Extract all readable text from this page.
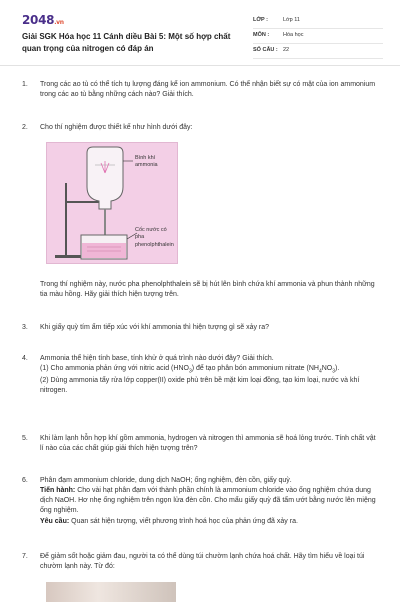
2048.vn
Giải SGK Hóa học 11 Cánh diều Bài 5: Một số hợp chất quan trọng của nitrogen có đáp án
LỚP :	Lớp 11
MÔN :	Hóa học
SỐ CÂU : 22
1.	Trong các ao tù có thể tích tụ lượng đáng kể ion ammonium. Có thể nhận biết sự có mặt của ion ammonium trong các ao tù bằng những cách nào? Giải thích.

2.	Cho thí nghiệm được thiết kế như hình dưới đây:

Bình khí
ammonia
Cốc nước có pha
phenolphthalein

Trong thí nghiệm này, nước pha phenolphthalein sẽ bị hút lên bình chứa khí ammonia và phun thành những tia màu hồng. Hãy giải thích hiện tượng trên.

3.	Khi giấy quỳ tím ẩm tiếp xúc với khí ammonia thì hiện tượng gì sẽ xảy ra?

4.	Ammonia thể hiện tính base, tính khử ở quá trình nào dưới đây? Giải thích.

(1) Cho ammonia phản ứng với nitric acid $(HNO_3)$ để tạo phân bón ammonium nitrate $(NH_4NO_3)$.

(2) Dùng ammonia tẩy rửa lớp copper(II) oxide phủ trên bề mặt kim loại đồng, tạo kim loại, nước và khí nitrogen.

5.	Khi làm lạnh hỗn hợp khí gồm ammonia, hydrogen và nitrogen thì ammonia sẽ hoá lỏng trước. Tính chất vật lí nào của các chất giúp giải thích hiện tượng trên?

6.	Phân đạm ammonium chloride, dung dịch NaOH; ống nghiệm, đèn cồn, giấy quỳ.

Tiến hành: Cho vài hạt phân đạm với thành phần chính là ammonium chloride vào ống nghiệm chứa dung dịch NaOH. Hơ nhẹ ống nghiệm trên ngọn lửa đèn cồn. Cho mẩu giấy quỳ đã tẩm ướt bằng nước lên miệng ống nghiệm.

Yêu cầu: Quan sát hiện tượng, viết phương trình hoá học của phản ứng đã xảy ra.

7.	Để giảm sốt hoặc giảm đau, người ta có thể dùng túi chườm lạnh chứa hoá chất. Hãy tìm hiểu về loại túi chườm lạnh này. Từ đó:
